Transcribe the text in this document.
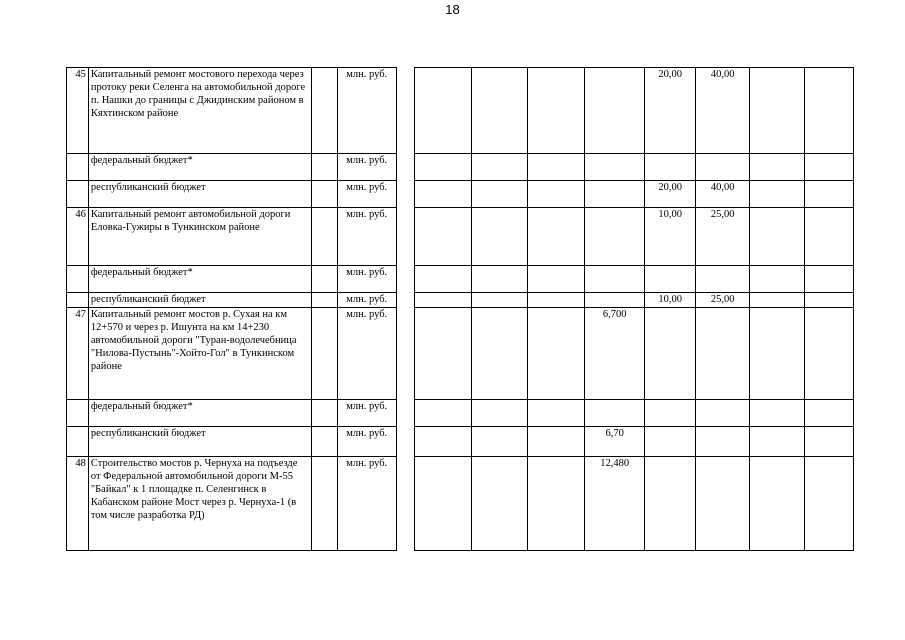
18
45	Капитальный ремонт мостового перехода через протоку реки Селенга на автомобильной дороге п. Нашки до границы с Джидинским районом в Кяхтинском районе		млн. руб.						20,00	40,00		
	федеральный бюджет*		млн. руб.									
	республиканский бюджет		млн. руб.						20,00	40,00		
46	Капитальный ремонт автомобильной дороги Еловка-Гужиры в Тункинском районе		млн. руб.						10,00	25,00		
	федеральный бюджет*		млн. руб.									
	республиканский бюджет		млн. руб.						10,00	25,00		
47	Капитальный ремонт мостов р. Сухая на км 12+570 и через р. Ишунта на км 14+230 автомобильной дороги "Туран-водолечебница "Нилова-Пустынь"-Хойто-Гол" в Тункинском районе		млн. руб.					6,700				
	федеральный бюджет*		млн. руб.									
	республиканский бюджет		млн. руб.					6,70				
48	Строительство мостов р. Чернуха на подъезде от Федеральной автомобильной дороги М-55 "Байкал" к 1 площадке п. Селенгинск в Кабанском районе Мост через р. Чернуха-1 (в том числе разработка РД)		млн. руб.					12,480				
